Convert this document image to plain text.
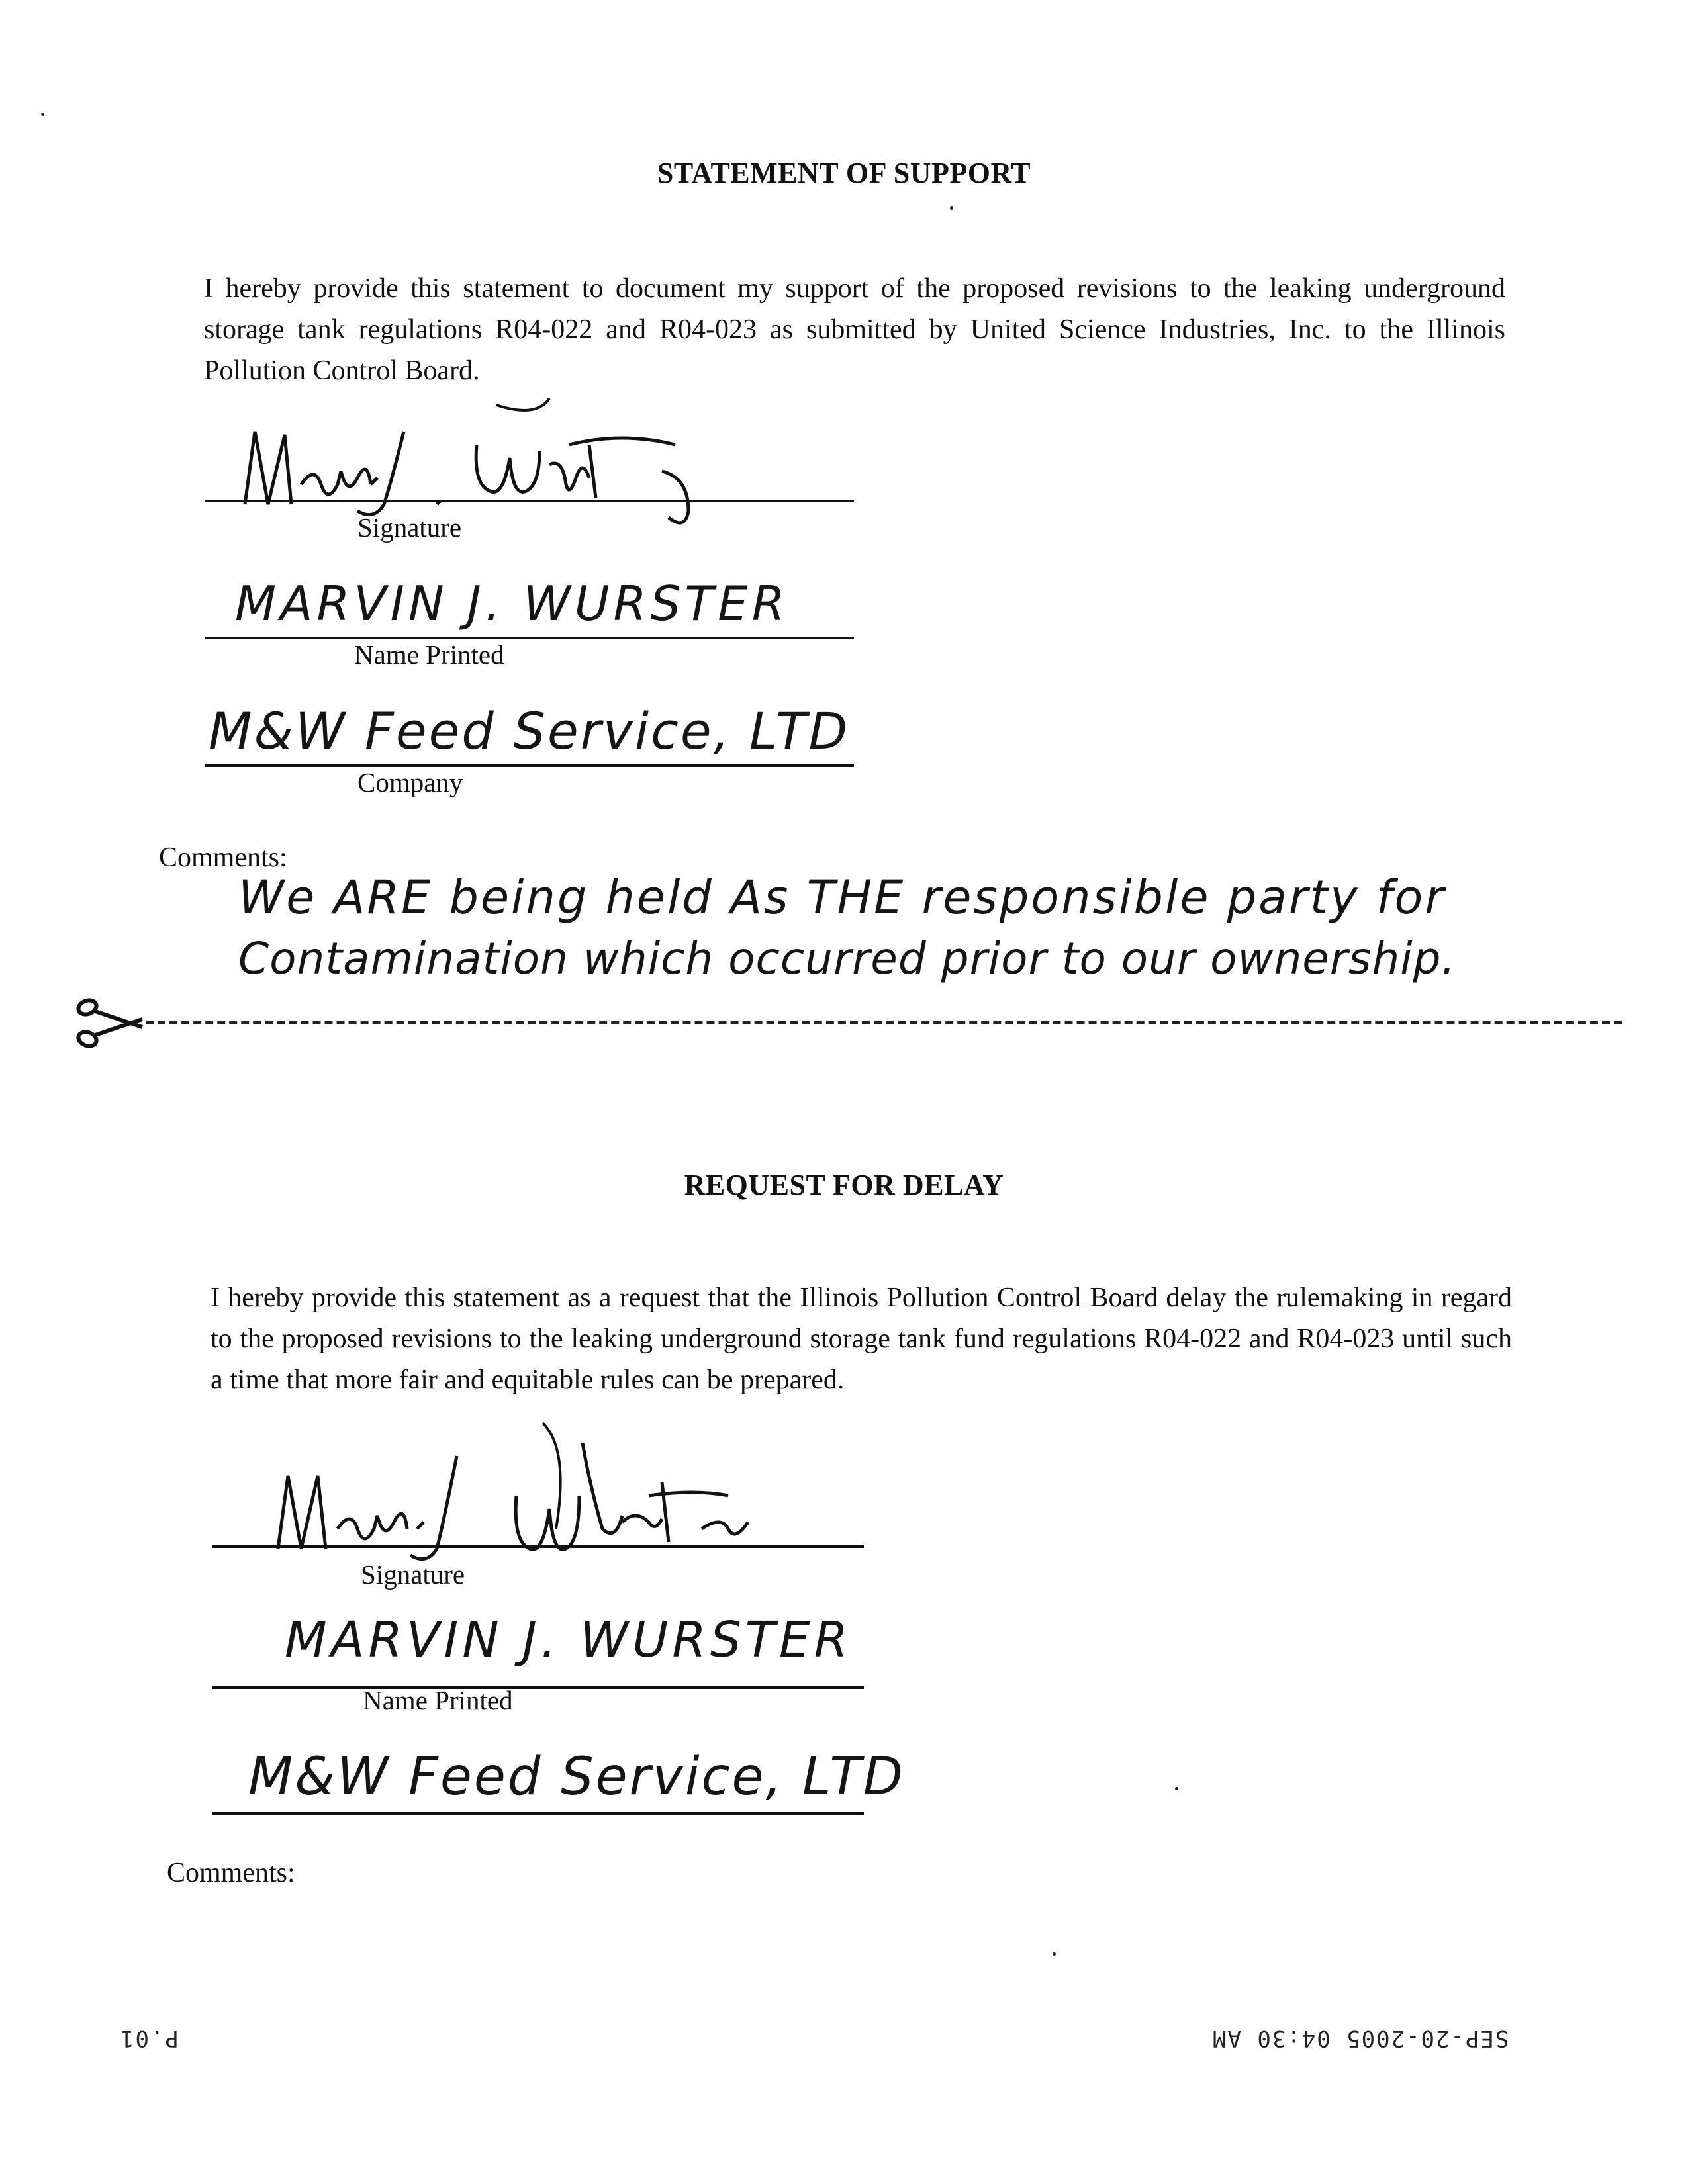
STATEMENT OF SUPPORT
I hereby provide this statement to document my support of the proposed revisions to the leaking underground storage tank regulations R04-022 and R04-023 as submitted by United Science Industries, Inc. to the Illinois Pollution Control Board.
Signature
MARVIN J. WURSTER
Name Printed
M&W Feed Service, LTD
Company
Comments:
We ARE being held As THE responsible party for
Contamination which occurred prior to our ownership.
REQUEST FOR DELAY
I hereby provide this statement as a request that the Illinois Pollution Control Board delay the rulemaking in regard to the proposed revisions to the leaking underground storage tank fund regulations R04-022 and R04-023 until such a time that more fair and equitable rules can be prepared.
Signature
MARVIN J. WURSTER
Name Printed
M&W Feed Service, LTD
Comments:
P.01	SEP-20-2005 04:30 AM
